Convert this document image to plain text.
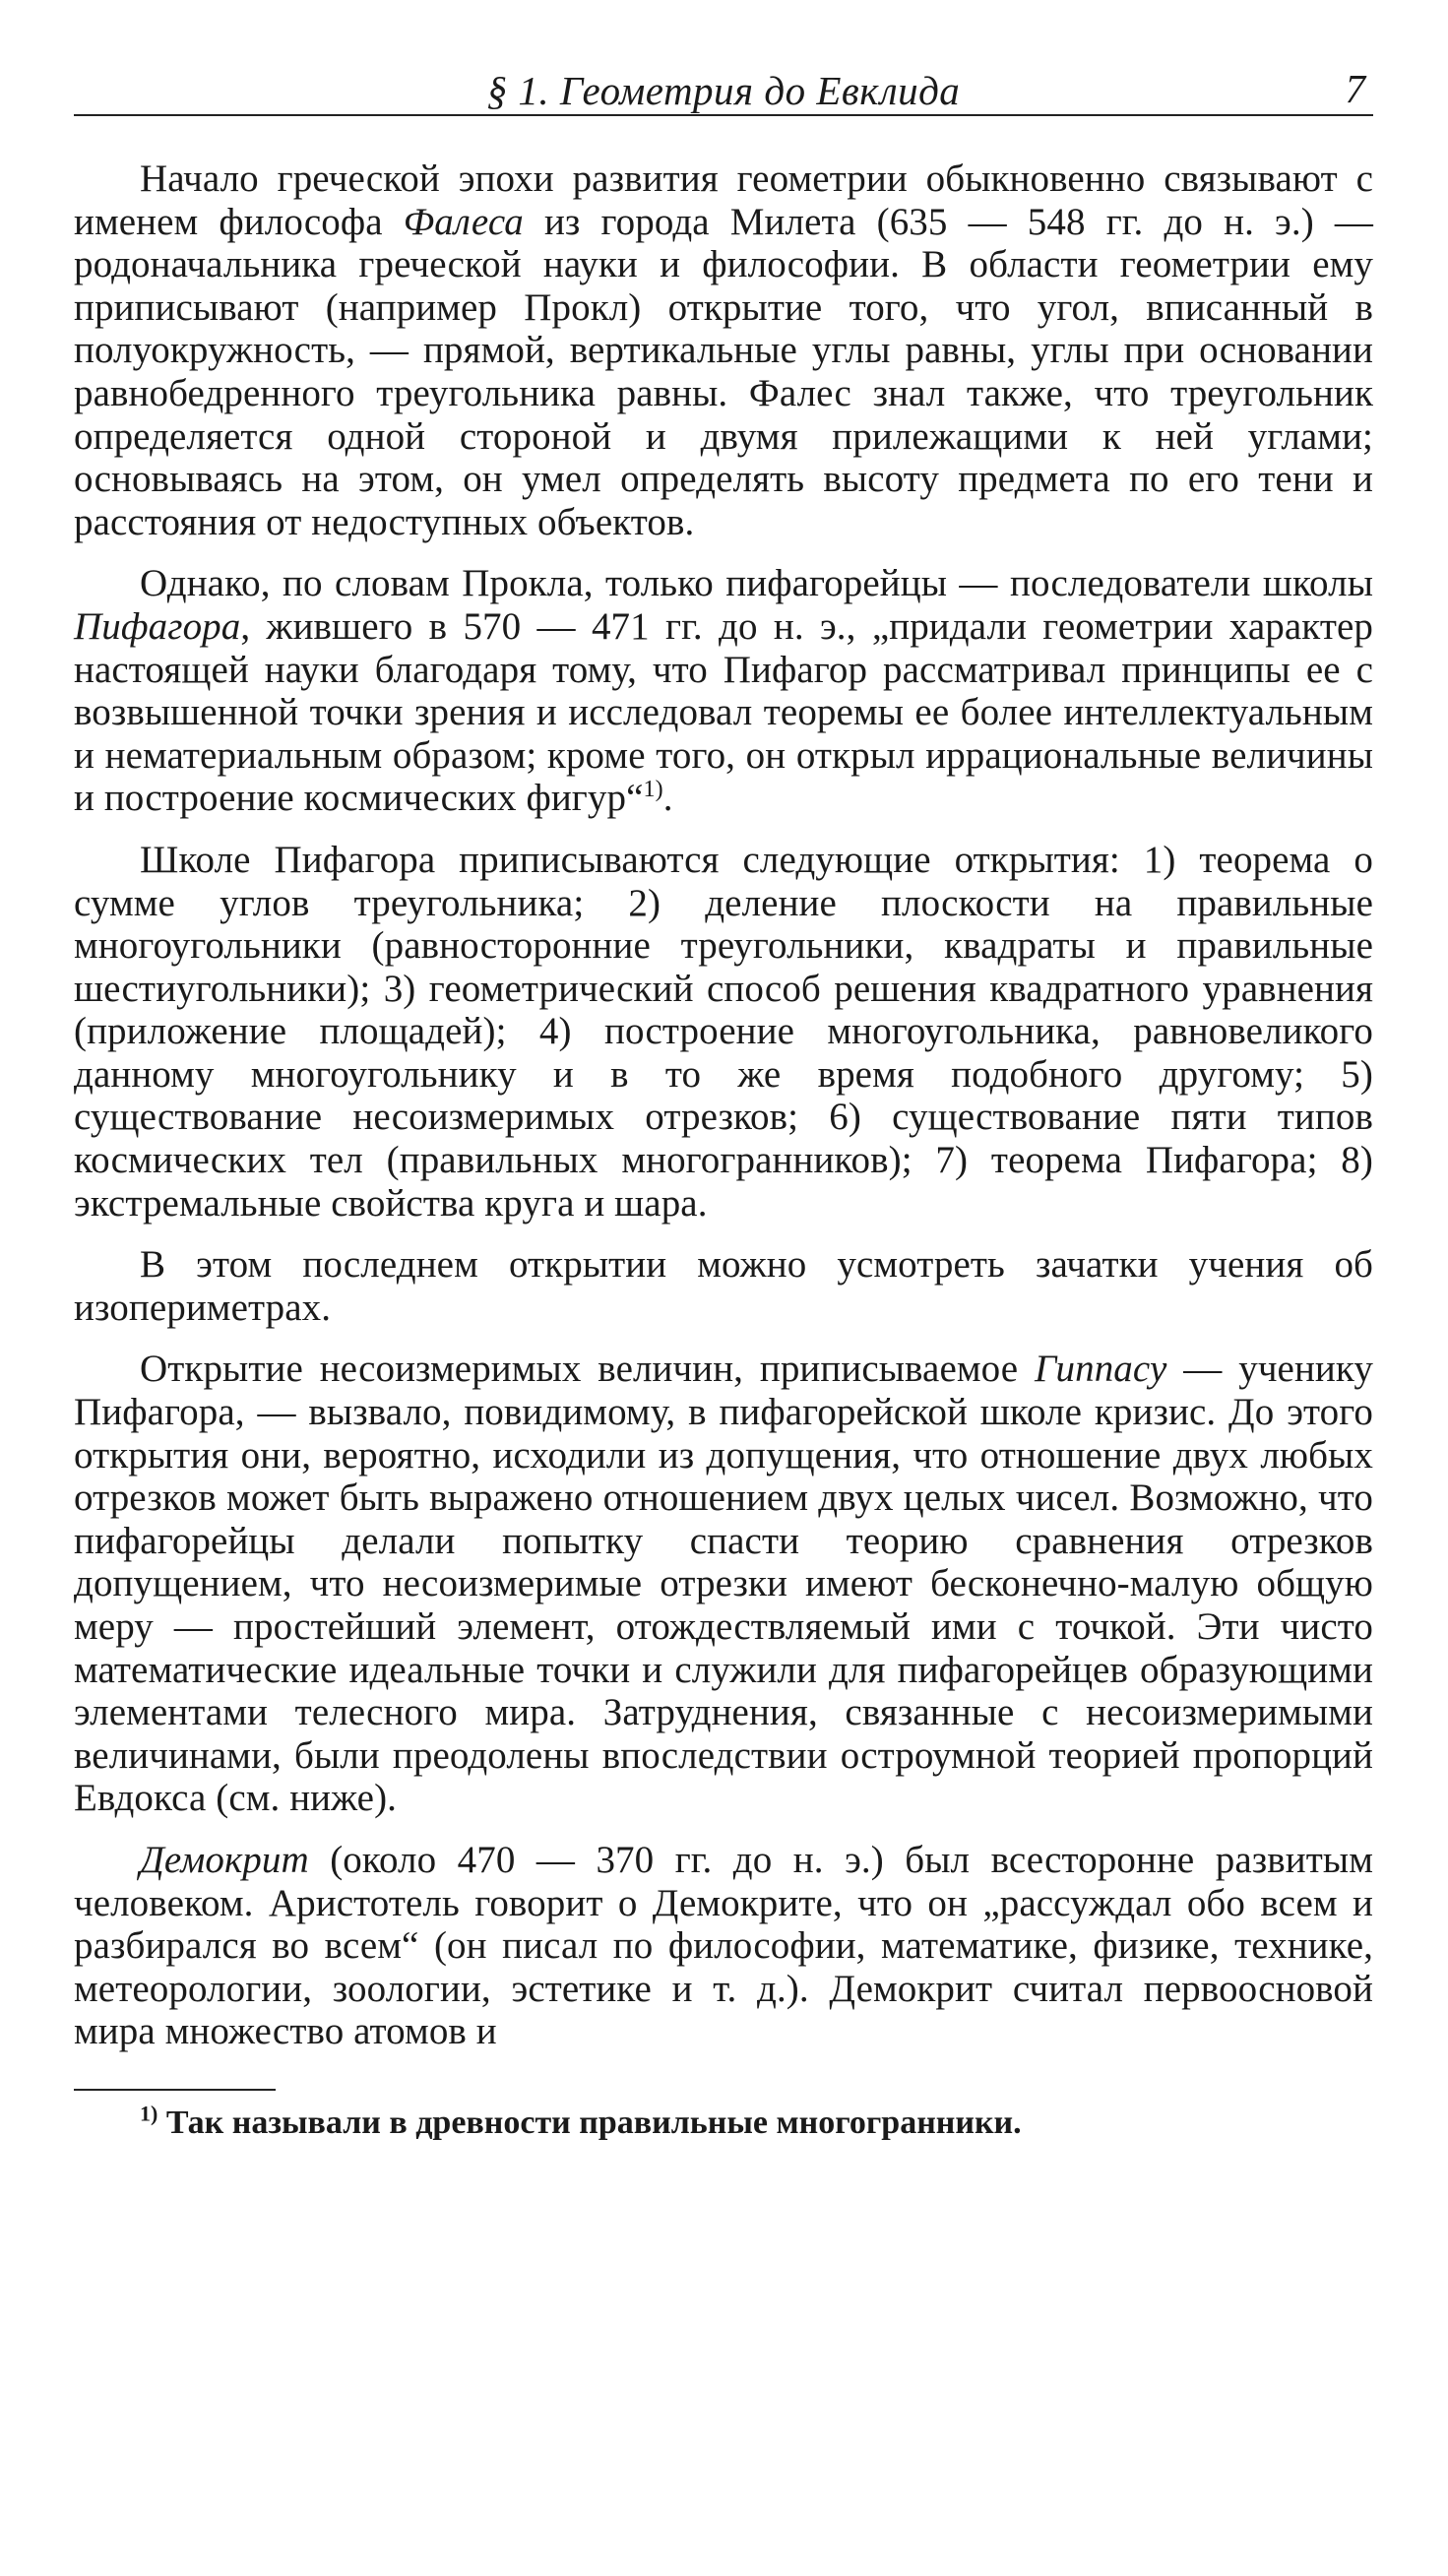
§ 1. Геометрия до Евклида	7

Начало греческой эпохи развития геометрии обыкновенно связывают с именем философа Фалеса из города Милета (635 — 548 гг. до н. э.) — родоначальника греческой науки и философии. В области геометрии ему приписывают (например Прокл) открытие того, что угол, вписанный в полуокружность, — прямой, вертикальные углы равны, углы при основании равнобедренного треугольника равны. Фалес знал также, что треугольник определяется одной стороной и двумя прилежащими к ней углами; основываясь на этом, он умел определять высоту предмета по его тени и расстояния от недоступных объектов.

Однако, по словам Прокла, только пифагорейцы — последователи школы Пифагора, жившего в 570 — 471 гг. до н. э., „придали геометрии характер настоящей науки благодаря тому, что Пифагор рассматривал принципы ее с возвышенной точки зрения и исследовал теоремы ее более интеллектуальным и нематериальным образом; кроме того, он открыл иррациональные величины и построение космических фигур“$^{1)}$.

Школе Пифагора приписываются следующие открытия: 1) теорема о сумме углов треугольника; 2) деление плоскости на правильные многоугольники (равносторонние треугольники, квадраты и правильные шестиугольники); 3) геометрический способ решения квадратного уравнения (приложение площадей); 4) построение многоугольника, равновеликого данному многоугольнику и в то же время подобного другому; 5) существование несоизмеримых отрезков; 6) существование пяти типов космических тел (правильных многогранников); 7) теорема Пифагора; 8) экстремальные свойства круга и шара.

В этом последнем открытии можно усмотреть зачатки учения об изопериметрах.

Открытие несоизмеримых величин, приписываемое Гиппасу — ученику Пифагора, — вызвало, повидимому, в пифагорейской школе кризис. До этого открытия они, вероятно, исходили из допущения, что отношение двух любых отрезков может быть выражено отношением двух целых чисел. Возможно, что пифагорейцы делали попытку спасти теорию сравнения отрезков допущением, что несоизмеримые отрезки имеют бесконечно-малую общую меру — простейший элемент, отождествляемый ими с точкой. Эти чисто математические идеальные точки и служили для пифагорейцев образующими элементами телесного мира. Затруднения, связанные с несоизмеримыми величинами, были преодолены впоследствии остроумной теорией пропорций Евдокса (см. ниже).

Демокрит (около 470 — 370 гг. до н. э.) был всесторонне развитым человеком. Аристотель говорит о Демокрите, что он „рассуждал обо всем и разбирался во всем“ (он писал по философии, математике, физике, технике, метеорологии, зоологии, эстетике и т. д.). Демокрит считал первоосновой мира множество атомов и

$^{1)}$ Так называли в древности правильные многогранники.
